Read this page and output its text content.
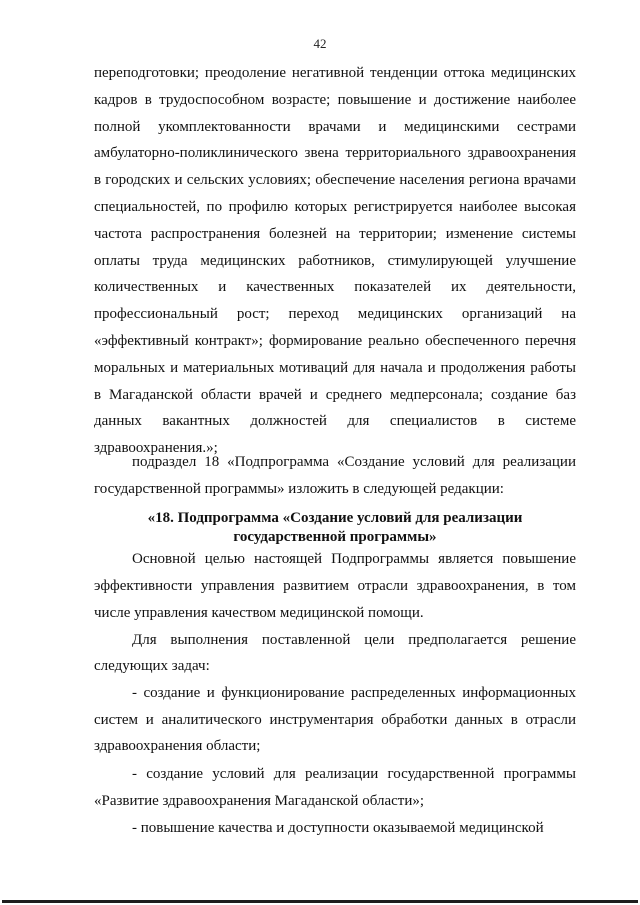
42

переподготовки; преодоление негативной тенденции оттока медицинских кадров в трудоспособном возрасте; повышение и достижение наиболее полной укомплектованности врачами и медицинскими сестрами амбулаторно-поликлинического звена территориального здравоохранения в городских и сельских условиях; обеспечение населения региона врачами специальностей, по профилю которых регистрируется наиболее высокая частота распространения болезней на территории; изменение системы оплаты труда медицинских работников, стимулирующей улучшение количественных и качественных показателей их деятельности, профессиональный рост; переход медицинских организаций на «эффективный контракт»; формирование реально обеспеченного перечня моральных и материальных мотиваций для начала и продолжения работы в Магаданской области врачей и среднего медперсонала; создание баз данных вакантных должностей для специалистов в системе здравоохранения.»;

подраздел 18 «Подпрограмма «Создание условий для реализации государственной программы» изложить в следующей редакции:

«18. Подпрограмма «Создание условий для реализации
государственной программы»

Основной целью настоящей Подпрограммы является повышение эффективности управления развитием отрасли здравоохранения, в том числе управления качеством медицинской помощи.

Для выполнения поставленной цели предполагается решение следующих задач:

- создание и функционирование распределенных информационных систем и аналитического инструментария обработки данных в отрасли здравоохранения области;

- создание условий для реализации государственной программы «Развитие здравоохранения Магаданской области»;

- повышение качества и доступности оказываемой медицинской
